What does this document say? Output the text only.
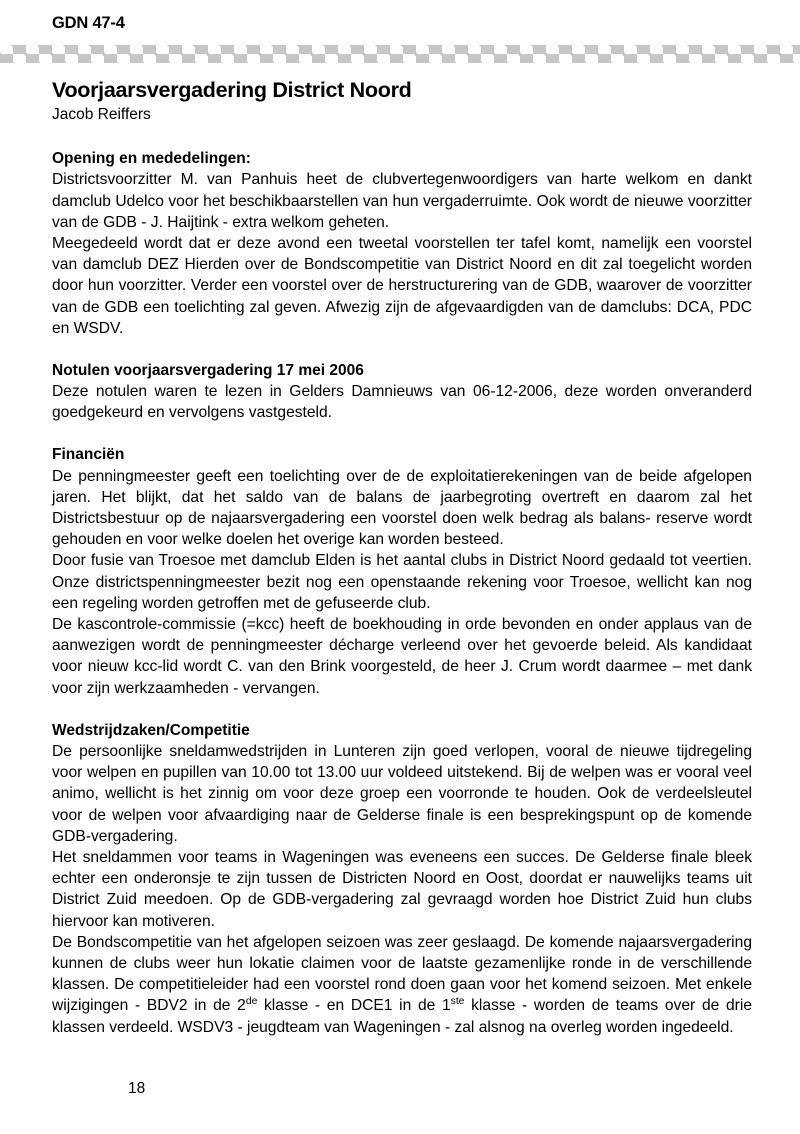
GDN 47-4
Voorjaarsvergadering District Noord
Jacob Reiffers
Opening en mededelingen:

Districtsvoorzitter M. van Panhuis heet de clubvertegenwoordigers van harte welkom en dankt damclub Udelco voor het beschikbaarstellen van hun vergaderruimte. Ook wordt de nieuwe voorzitter van de GDB - J. Haijtink - extra welkom geheten.

Meegedeeld wordt dat er deze avond een tweetal voorstellen ter tafel komt, namelijk een voorstel van damclub DEZ Hierden over de Bondscompetitie van District Noord en dit zal toegelicht worden door hun voorzitter. Verder een voorstel over de herstructurering van de GDB, waarover de voorzitter van de GDB een toelichting zal geven. Afwezig zijn de afgevaardigden van de damclubs: DCA, PDC en WSDV.

Notulen voorjaarsvergadering 17 mei 2006

Deze notulen waren te lezen in Gelders Damnieuws van 06-12-2006, deze worden onveranderd goedgekeurd en vervolgens vastgesteld.

Financiën

De penningmeester geeft een toelichting over de de exploitatierekeningen van de beide afgelopen jaren. Het blijkt, dat het saldo van de balans de jaarbegroting overtreft en daarom zal het Districtsbestuur op de najaarsvergadering een voorstel doen welk bedrag als balans- reserve wordt gehouden en voor welke doelen het overige kan worden besteed.

Door fusie van Troesoe met damclub Elden is het aantal clubs in District Noord gedaald tot veertien. Onze districtspenningmeester bezit nog een openstaande rekening voor Troesoe, wellicht kan nog een regeling worden getroffen met de gefuseerde club.

De kascontrole-commissie (=kcc) heeft de boekhouding in orde bevonden en onder applaus van de aanwezigen wordt de penningmeester décharge verleend over het gevoerde beleid. Als kandidaat voor nieuw kcc-lid wordt C. van den Brink voorgesteld, de heer J. Crum wordt daarmee – met dank voor zijn werkzaamheden - vervangen.

Wedstrijdzaken/Competitie

De persoonlijke sneldamwedstrijden in Lunteren zijn goed verlopen, vooral de nieuwe tijdregeling voor welpen en pupillen van 10.00 tot 13.00 uur voldeed uitstekend. Bij de welpen was er vooral veel animo, wellicht is het zinnig om voor deze groep een voorronde te houden. Ook de verdeelsleutel voor de welpen voor afvaardiging naar de Gelderse finale is een besprekingspunt op de komende GDB-vergadering.

Het sneldammen voor teams in Wageningen was eveneens een succes. De Gelderse finale bleek echter een onderonsje te zijn tussen de Districten Noord en Oost, doordat er nauwelijks teams uit District Zuid meedoen. Op de GDB-vergadering zal gevraagd worden hoe District Zuid hun clubs hiervoor kan motiveren.

De Bondscompetitie van het afgelopen seizoen was zeer geslaagd. De komende najaarsvergadering kunnen de clubs weer hun lokatie claimen voor de laatste gezamenlijke ronde in de verschillende klassen. De competitieleider had een voorstel rond doen gaan voor het komend seizoen. Met enkele wijzigingen - BDV2 in de 2de klasse - en DCE1 in de 1ste klasse - worden de teams over de drie klassen verdeeld. WSDV3 - jeugdteam van Wageningen - zal alsnog na overleg worden ingedeeld.

18
